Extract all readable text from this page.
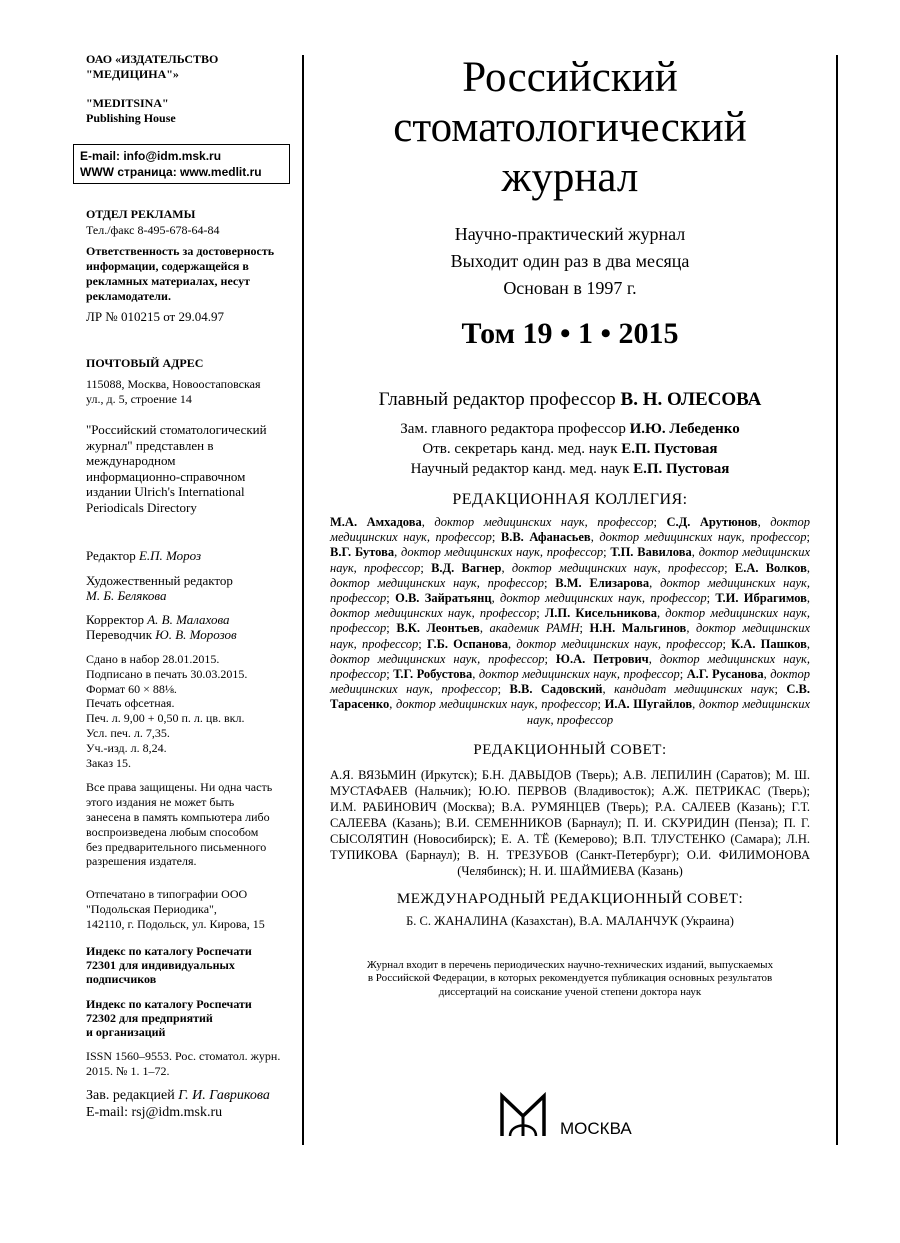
ОАО «ИЗДАТЕЛЬСТВО
"МЕДИЦИНА"»
"MEDITSINA"
Publishing House
E-mail: info@idm.msk.ru
WWW страница: www.medlit.ru
ОТДЕЛ РЕКЛАМЫ
Тел./факс 8-495-678-64-84
Ответственность за достоверность
информации, содержащейся в
рекламных материалах, несут
рекламодатели.
ЛР № 010215 от 29.04.97
ПОЧТОВЫЙ АДРЕС
115088, Москва, Новоостаповская
ул., д. 5, строение 14
"Российский стоматологический
журнал" представлен в
международном
информационно-справочном
издании Ulrich's International
Periodicals Directory
Редактор Е.П. Мороз
Художественный редактор
М. Б. Белякова
Корректор А. В. Малахова
Переводчик Ю. В. Морозов
Сдано в набор 28.01.2015.
Подписано в печать 30.03.2015.
Формат 60 × 88⅛.
Печать офсетная.
Печ. л. 9,00 + 0,50 п. л. цв. вкл.
Усл. печ. л. 7,35.
Уч.-изд. л. 8,24.
Заказ 15.
Все права защищены. Ни одна часть
этого издания не может быть
занесена в память компьютера либо
воспроизведена любым способом
без предварительного письменного
разрешения издателя.
Отпечатано в типографии ООО
"Подольская Периодика",
142110, г. Подольск, ул. Кирова, 15
Индекс по каталогу Роспечати
72301 для индивидуальных
подписчиков
Индекс по каталогу Роспечати
72302 для предприятий
и организаций
ISSN 1560–9553. Рос. стоматол. журн.
2015. № 1. 1–72.
Зав. редакцией Г. И. Гаврикова
E-mail: rsj@idm.msk.ru

Российский

стоматологический

журнал

Научно-практический журнал

Выходит один раз в два месяца

Основан в 1997 г.

Том 19 • 1 • 2015

Главный редактор профессор В. Н. ОЛЕСОВА

Зам. главного редактора профессор И.Ю. Лебеденко

Отв. секретарь канд. мед. наук Е.П. Пустовая

Научный редактор канд. мед. наук Е.П. Пустовая

РЕДАКЦИОННАЯ КОЛЛЕГИЯ:

М.А. Амхадова, доктор медицинских наук, профессор; С.Д. Арутюнов, доктор медицинских наук, профессор; В.В. Афанасьев, доктор медицинских наук, профессор; В.Г. Бутова, доктор медицинских наук, профессор; Т.П. Вавилова, доктор медицинских наук, профессор; В.Д. Вагнер, доктор медицинских наук, профессор; Е.А. Волков, доктор медицинских наук, профессор; В.М. Елизарова, доктор медицинских наук, профессор; О.В. Зайратьянц, доктор медицинских наук, профессор; Т.И. Ибрагимов, доктор медицинских наук, профессор; Л.П. Кисельникова, доктор медицинских наук, профессор; В.К. Леонтьев, академик РАМН; Н.Н. Мальгинов, доктор медицинских наук, профессор; Г.Б. Оспанова, доктор медицинских наук, профессор; К.А. Пашков, доктор медицинских наук, профессор; Ю.А. Петрович, доктор медицинских наук, профессор; Т.Г. Робустова, доктор медицинских наук, профессор; А.Г. Русанова, доктор медицинских наук, профессор; В.В. Садовский, кандидат медицинских наук; С.В. Тарасенко, доктор медицинских наук, профессор; И.А. Шугайлов, доктор медицинских наук, профессор

РЕДАКЦИОННЫЙ СОВЕТ:

А.Я. ВЯЗЬМИН (Иркутск); Б.Н. ДАВЫДОВ (Тверь); А.В. ЛЕПИЛИН (Саратов); М. Ш. МУСТАФАЕВ (Нальчик); Ю.Ю. ПЕРВОВ (Владивосток); А.Ж. ПЕТРИКАС (Тверь); И.М. РАБИНОВИЧ (Москва); В.А. РУМЯНЦЕВ (Тверь); Р.А. САЛЕЕВ (Казань); Г.Т. САЛЕЕВА (Казань); В.И. СЕМЕННИКОВ (Барнаул); П. И. СКУРИДИН (Пенза); П. Г. СЫСОЛЯТИН (Новосибирск); Е. А. ТЁ (Кемерово); В.П. ТЛУСТЕНКО (Самара); Л.Н. ТУПИКОВА (Барнаул); В. Н. ТРЕЗУБОВ (Санкт-Петербург); О.И. ФИЛИМОНОВА (Челябинск); Н. И. ШАЙМИЕВА (Казань)

МЕЖДУНАРОДНЫЙ РЕДАКЦИОННЫЙ СОВЕТ:

Б. С. ЖАНАЛИНА (Казахстан), В.А. МАЛАНЧУК (Украина)

Журнал входит в перечень периодических научно-технических изданий, выпускаемых
в Российской Федерации, в которых рекомендуется публикация основных результатов
диссертаций на соискание ученой степени доктора наук
МОСКВА
